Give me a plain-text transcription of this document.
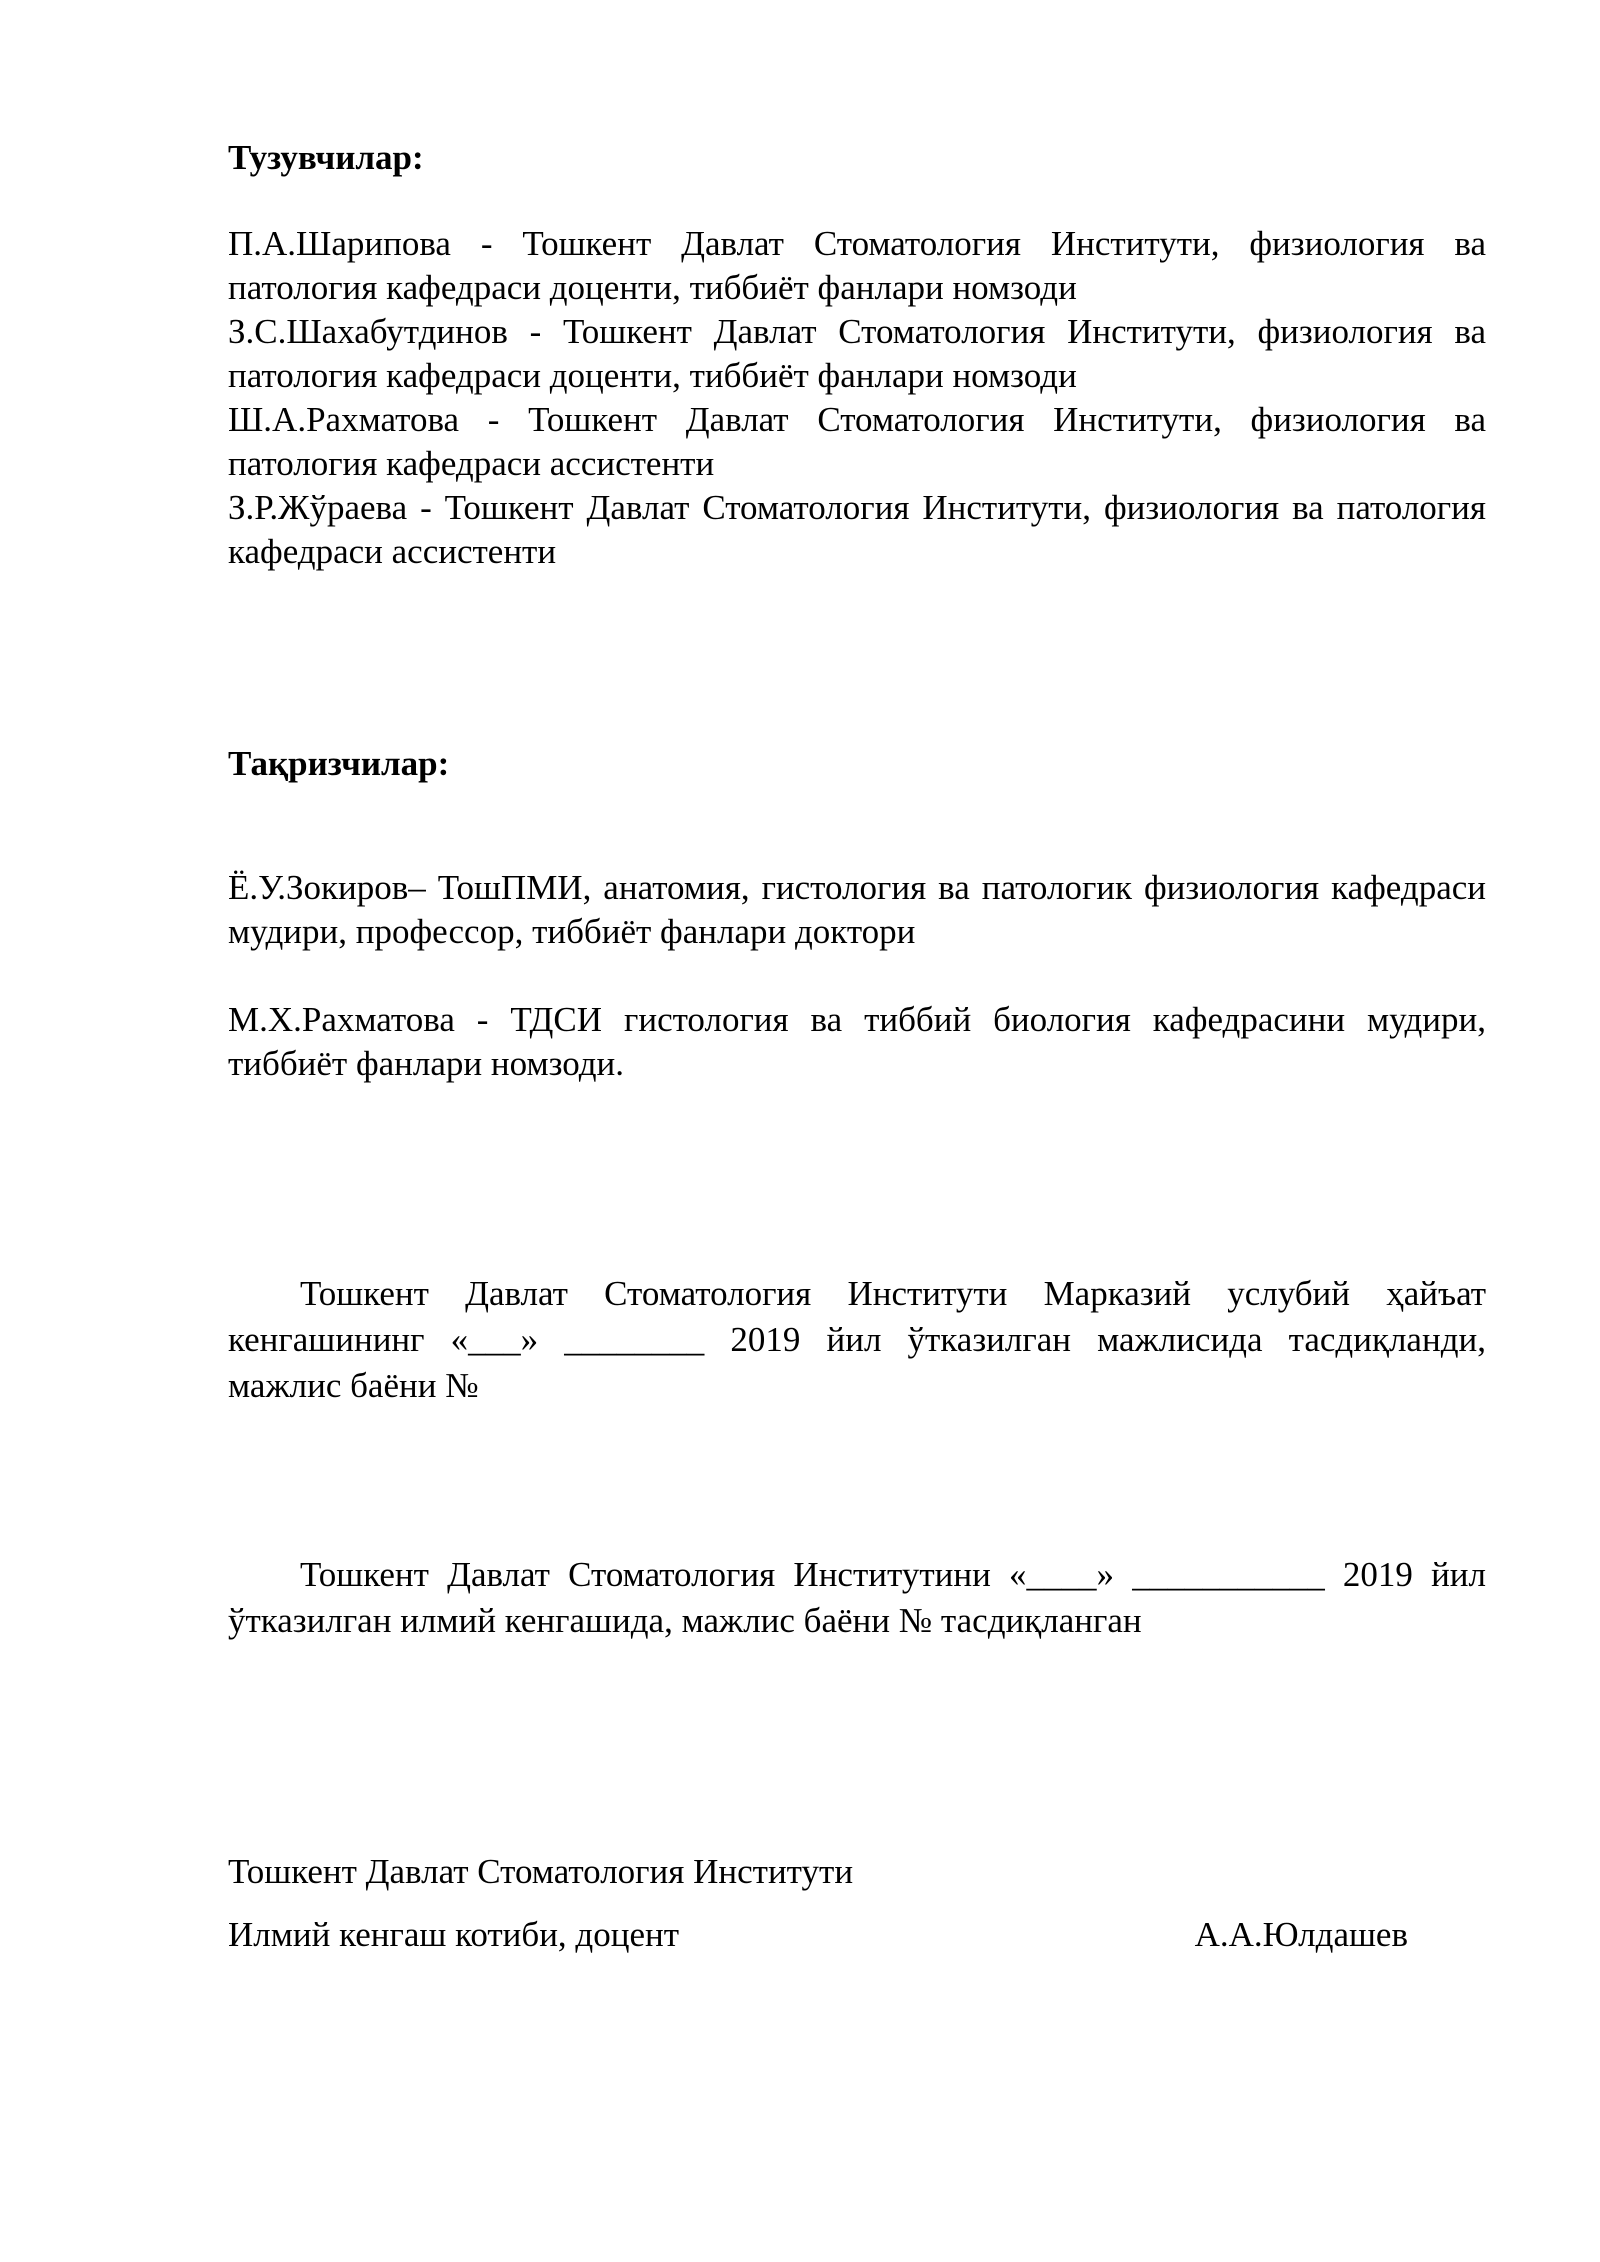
Тузувчилар:

П.А.Шарипова - Тошкент Давлат Стоматология Институти, физиология ва патология кафедраси доценти, тиббиёт фанлари номзоди

З.С.Шахабутдинов - Тошкент Давлат Стоматология Институти, физиология ва патология кафедраси доценти, тиббиёт фанлари номзоди

Ш.А.Рахматова - Тошкент Давлат Стоматология Институти, физиология ва патология кафедраси ассистенти

З.Р.Жўраева - Тошкент Давлат Стоматология Институти, физиология ва патология кафедраси ассистенти

Тақризчилар:

Ё.У.Зокиров– ТошПМИ, анатомия, гистология ва патологик физиология кафедраси мудири, профессор, тиббиёт фанлари доктори

М.Х.Рахматова - ТДСИ гистология ва тиббий биология кафедрасини мудири, тиббиёт фанлари номзоди.

Тошкент Давлат Стоматология Институти Марказий услубий ҳайъат кенгашининг «___» ________ 2019 йил ўтказилган мажлисида тасдиқланди, мажлис баёни №

Тошкент Давлат Стоматология Институтини «____» ___________ 2019 йил ўтказилган илмий кенгашида, мажлис баёни № тасдиқланган

Тошкент Давлат Стоматология Институти
Илмий кенгаш котиби, доцент	А.А.Юлдашев
